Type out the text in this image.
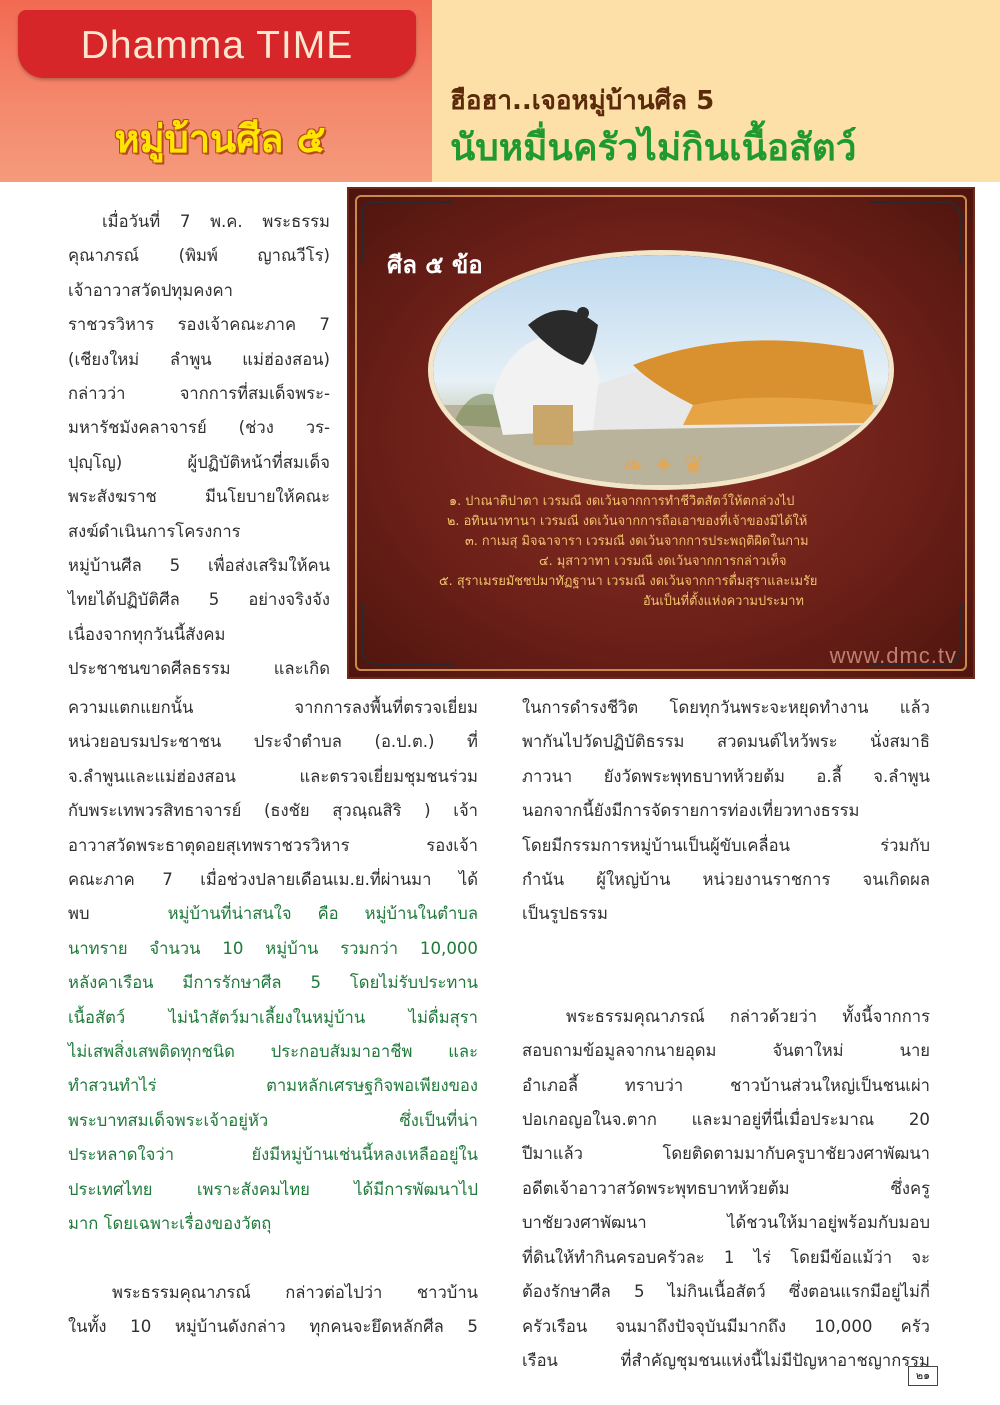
Dhamma TIME
หมู่บ้านศีล ๕
ฮือฮา..เจอหมู่บ้านศีล 5
นับหมื่นครัวไม่กินเนื้อสัตว์
ศีล ๕ ข้อ
❧ ✦ ❦
๑. ปาณาติปาตา เวรมณี งดเว้นจากการทำชีวิตสัตว์ให้ตกล่วงไป
๒. อทินนาทานา เวรมณี งดเว้นจากการถือเอาของที่เจ้าของมิได้ให้
๓. กาเมสุ มิจฉาจารา เวรมณี งดเว้นจากการประพฤติผิดในกาม
๔. มุสาวาทา เวรมณี งดเว้นจากการกล่าวเท็จ
๕. สุราเมรยมัชชปมาทัฏฐานา เวรมณี งดเว้นจากการดื่มสุราและเมรัย
อันเป็นที่ตั้งแห่งความประมาท
www.dmc.tv
เมื่อวันที่ 7 พ.ค. พระธรรม
คุณาภรณ์ (พิมพ์ ญาณวีโร)
เจ้าอาวาสวัดปทุมคงคา
ราชวรวิหาร รองเจ้าคณะภาค 7
(เชียงใหม่ ลำพูน แม่ฮ่องสอน)
กล่าวว่า จากการที่สมเด็จพระ-
มหารัชมังคลาจารย์ (ช่วง วร-
ปุญฺโญ) ผู้ปฏิบัติหน้าที่สมเด็จ
พระสังฆราช มีนโยบายให้คณะ
สงฆ์ดำเนินการโครงการ
หมู่บ้านศีล 5 เพื่อส่งเสริมให้คน
ไทยได้ปฏิบัติศีล 5 อย่างจริงจัง
เนื่องจากทุกวันนี้สังคม
ประชาชนขาดศีลธรรม และเกิด
ความแตกแยกนั้น จากการลงพื้นที่ตรวจเยี่ยม
หน่วยอบรมประชาชน ประจำตำบล (อ.ป.ต.) ที่
จ.ลำพูนและแม่ฮ่องสอน และตรวจเยี่ยมชุมชนร่วม
กับพระเทพวรสิทธาจารย์ (ธงชัย สุวณฺณสิริ ) เจ้า
อาวาสวัดพระธาตุดอยสุเทพราชวรวิหาร รองเจ้า
คณะภาค 7 เมื่อช่วงปลายเดือนเม.ย.ที่ผ่านมา ได้
พบ	หมู่บ้านที่น่าสนใจ คือ หมู่บ้านในตำบล
นาทราย จำนวน 10 หมู่บ้าน รวมกว่า 10,000
หลังคาเรือน มีการรักษาศีล 5 โดยไม่รับประทาน
เนื้อสัตว์ ไม่นำสัตว์มาเลี้ยงในหมู่บ้าน ไม่ดื่มสุรา
ไม่เสพสิ่งเสพติดทุกชนิด ประกอบสัมมาอาชีพ และ
ทำสวนทำไร่ ตามหลักเศรษฐกิจพอเพียงของ
พระบาทสมเด็จพระเจ้าอยู่หัว ซึ่งเป็นที่น่า
ประหลาดใจว่า ยังมีหมู่บ้านเช่นนี้หลงเหลืออยู่ใน
ประเทศไทย เพราะสังคมไทย ได้มีการพัฒนาไป
มาก โดยเฉพาะเรื่องของวัตถุ
พระธรรมคุณาภรณ์ กล่าวต่อไปว่า ชาวบ้าน
ในทั้ง 10 หมู่บ้านดังกล่าว ทุกคนจะยึดหลักศีล 5
ในการดำรงชีวิต โดยทุกวันพระจะหยุดทำงาน แล้ว
พากันไปวัดปฏิบัติธรรม สวดมนต์ไหว้พระ นั่งสมาธิ
ภาวนา ยังวัดพระพุทธบาทห้วยต้ม อ.ลี้ จ.ลำพูน
นอกจากนี้ยังมีการจัดรายการท่องเที่ยวทางธรรม
โดยมีกรรมการหมู่บ้านเป็นผู้ขับเคลื่อน ร่วมกับ
กำนัน ผู้ใหญ่บ้าน หน่วยงานราชการ จนเกิดผล
เป็นรูปธรรม
พระธรรมคุณาภรณ์ กล่าวด้วยว่า ทั้งนี้จากการ
สอบถามข้อมูลจากนายอุดม จันตาใหม่ นาย
อำเภอลี้ ทราบว่า ชาวบ้านส่วนใหญ่เป็นชนเผ่า
ปอเกอญอในจ.ตาก และมาอยู่ที่นี่เมื่อประมาณ 20
ปีมาแล้ว โดยติดตามมากับครูบาชัยวงศาพัฒนา
อดีตเจ้าอาวาสวัดพระพุทธบาทห้วยต้ม ซึ่งครู
บาชัยวงศาพัฒนา ได้ชวนให้มาอยู่พร้อมกับมอบ
ที่ดินให้ทำกินครอบครัวละ 1 ไร่ โดยมีข้อแม้ว่า จะ
ต้องรักษาศีล 5 ไม่กินเนื้อสัตว์ ซึ่งตอนแรกมีอยู่ไม่กี่
ครัวเรือน จนมาถึงปัจจุบันมีมากถึง 10,000 ครัว
เรือน ที่สำคัญชุมชนแห่งนี้ไม่มีปัญหาอาชญากรรม
๒๑
